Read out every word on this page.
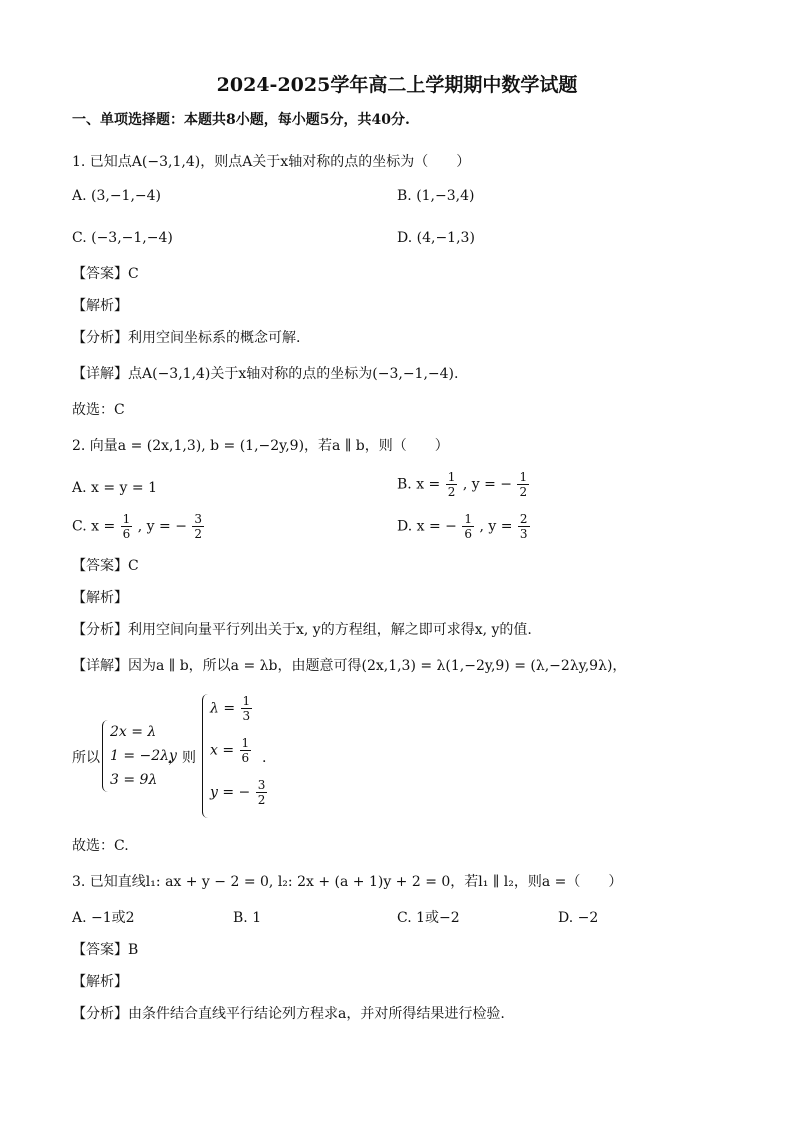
2024-2025学年高二上学期期中数学试题
一、单项选择题：本题共8小题，每小题5分，共40分.
1. 已知点A(−3,1,4)，则点A关于x轴对称的点的坐标为（　　）
A. (3,−1,−4)	B. (1,−3,4)
C. (−3,−1,−4)	D. (4,−1,3)
【答案】C
【解析】
【分析】利用空间坐标系的概念可解.
【详解】点A(−3,1,4)关于x轴对称的点的坐标为(−3,−1,−4).
故选：C
2. 向量a = (2x,1,3), b = (1,−2y,9)，若a ∥ b，则（　　）
A. x = y = 1	B. $x = \frac{1}{2}$ , y = − $\frac{1}{2}$
C. $x = \frac{1}{6}$ , y = − $\frac{3}{2}$	D. x = − $\frac{1}{6}$ , $y = \frac{2}{3}$
【答案】C
【解析】
【分析】利用空间向量平行列出关于x, y的方程组，解之即可求得x, y的值.
【详解】因为a ∥ b，所以a = λb，由题意可得(2x,1,3) = λ(1,−2y,9) = (λ,−2λy,9λ)，
所以
2x = λ
1 = −2λy
3 = 9λ
，则
$\lambda = \frac{1}{3}$
$x = \frac{1}{6}$
y = − $\frac{3}{2}$
.
故选：C.
3. 已知直线l₁: ax + y − 2 = 0, l₂: 2x + (a + 1)y + 2 = 0，若l₁ ∥ l₂，则a =（　　）
A. −1或2	B. 1	C. 1或−2	D. −2
【答案】B
【解析】
【分析】由条件结合直线平行结论列方程求a，并对所得结果进行检验.
